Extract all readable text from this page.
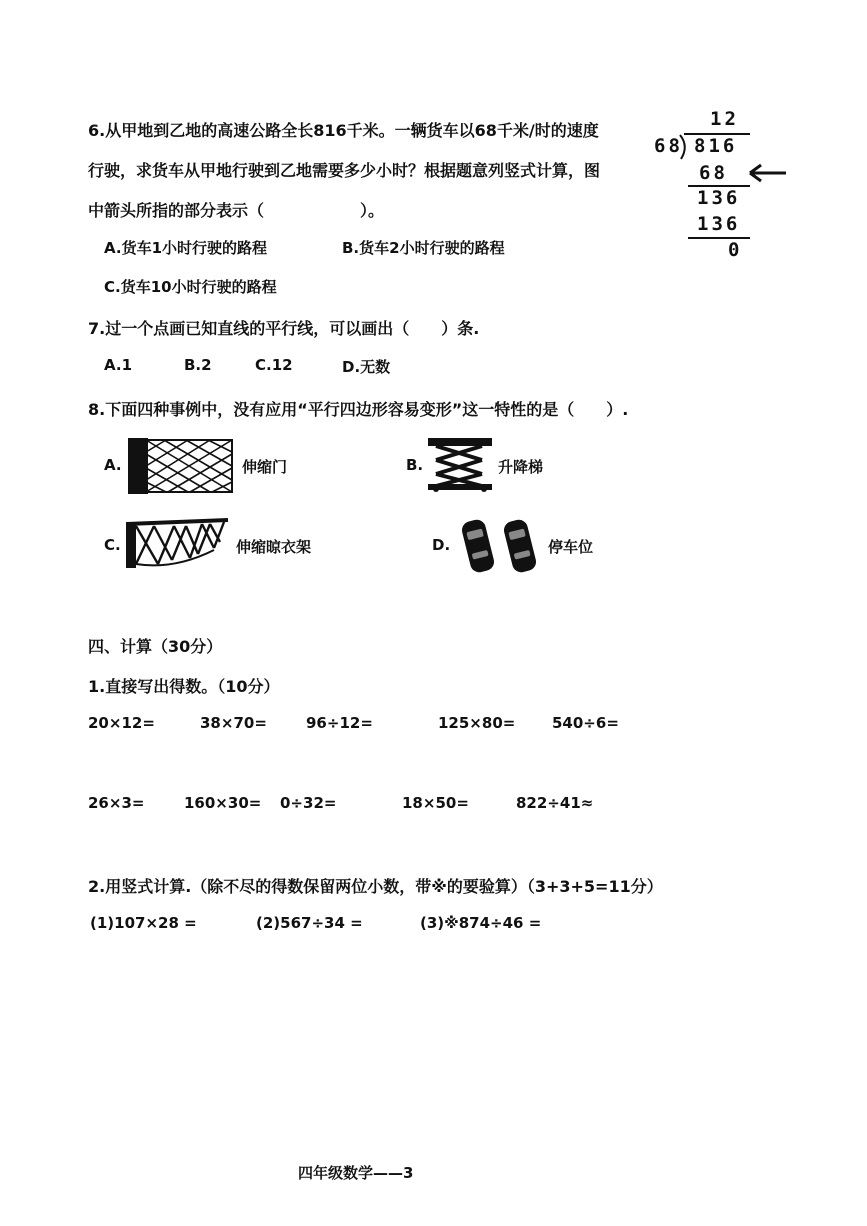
6.从甲地到乙地的高速公路全长816千米。一辆货车以68千米/时的速度
行驶，求货车从甲地行驶到乙地需要多少小时？根据题意列竖式计算，图
中箭头所指的部分表示（　　　　　　）。
A.货车1小时行驶的路程	B.货车2小时行驶的路程
C.货车10小时行驶的路程
12
68 816
68
136
136
0
7.过一个点画已知直线的平行线，可以画出（　　）条.
A.1	B.2	C.12	D.无数
8.下面四种事例中，没有应用“平行四边形容易变形”这一特性的是（　　）.
A.	伸缩门	B.	升降梯
C.	伸缩晾衣架	D.	停车位
四、计算（30分）
1.直接写出得数。（10分）
20×12=	38×70=	96÷12=	125×80= 540÷6=
26×3=	160×30= 0÷32=	18×50=	822÷41≈
2.用竖式计算.（除不尽的得数保留两位小数，带※的要验算）（3+3+5=11分）
(1)107×28 =	(2)567÷34 =	(3)※874÷46 =
四年级数学——3
